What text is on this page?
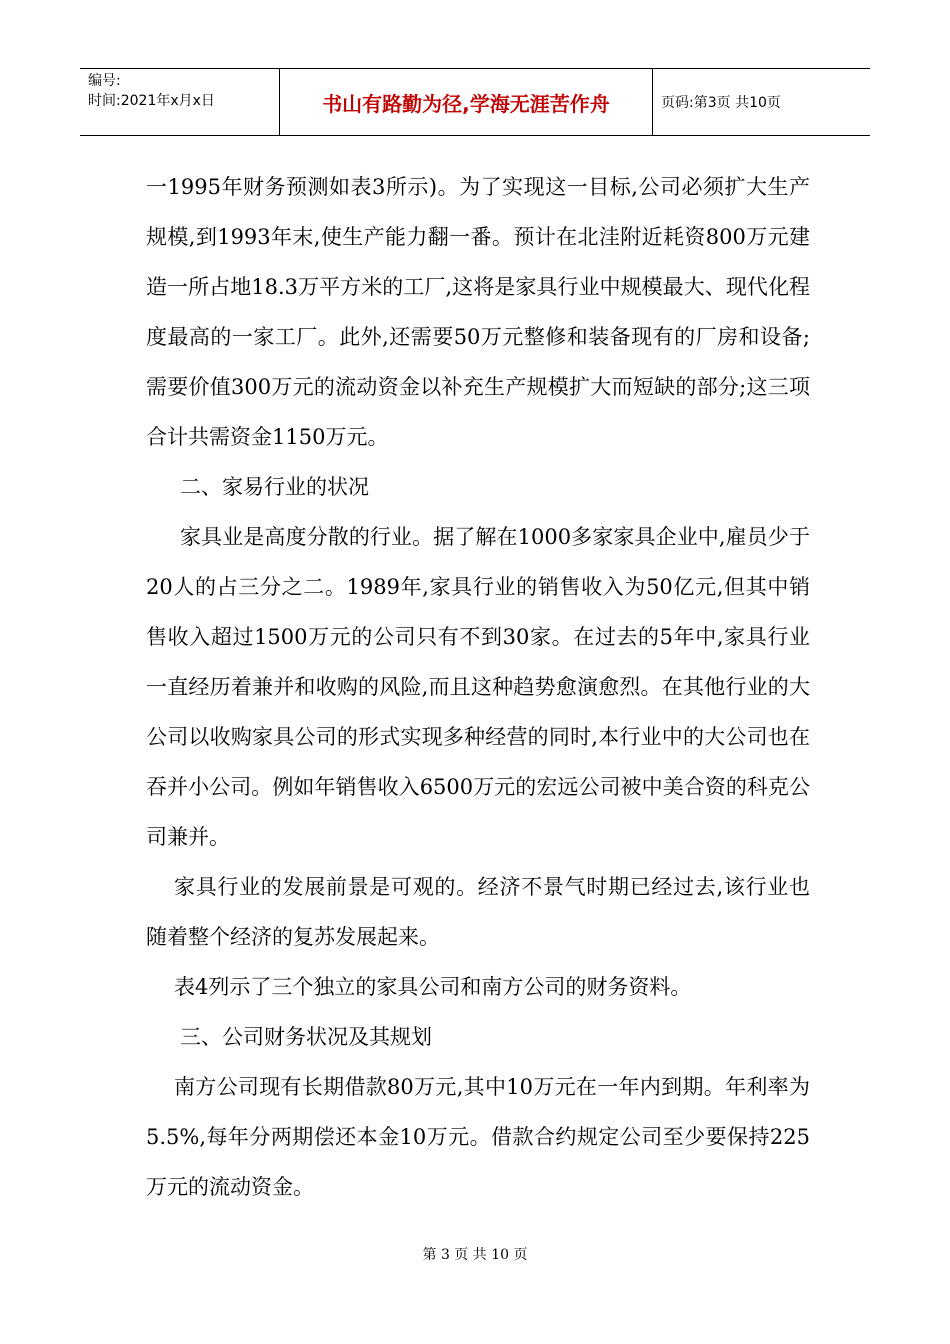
编号:
时间:2021年x月x日	书山有路勤为径,学海无涯苦作舟	页码:第3页 共10页

一1995年财务预测如表3所示)。为了实现这一目标,公司必须扩大生产规模,到1993年末,使生产能力翻一番。预计在北洼附近耗资800万元建造一所占地18.3万平方米的工厂,这将是家具行业中规模最大、现代化程度最高的一家工厂。此外,还需要50万元整修和装备现有的厂房和设备;需要价值300万元的流动资金以补充生产规模扩大而短缺的部分;这三项合计共需资金1150万元。

二、家易行业的状况

家具业是高度分散的行业。据了解在1000多家家具企业中,雇员少于20人的占三分之二。1989年,家具行业的销售收入为50亿元,但其中销售收入超过1500万元的公司只有不到30家。在过去的5年中,家具行业一直经历着兼并和收购的风险,而且这种趋势愈演愈烈。在其他行业的大公司以收购家具公司的形式实现多种经营的同时,本行业中的大公司也在吞并小公司。例如年销售收入6500万元的宏远公司被中美合资的科克公司兼并。

家具行业的发展前景是可观的。经济不景气时期已经过去,该行业也随着整个经济的复苏发展起来。

表4列示了三个独立的家具公司和南方公司的财务资料。

三、公司财务状况及其规划

南方公司现有长期借款80万元,其中10万元在一年内到期。年利率为 5.5%,每年分两期偿还本金10万元。借款合约规定公司至少要保持225万元的流动资金。

第 3 页 共 10 页
